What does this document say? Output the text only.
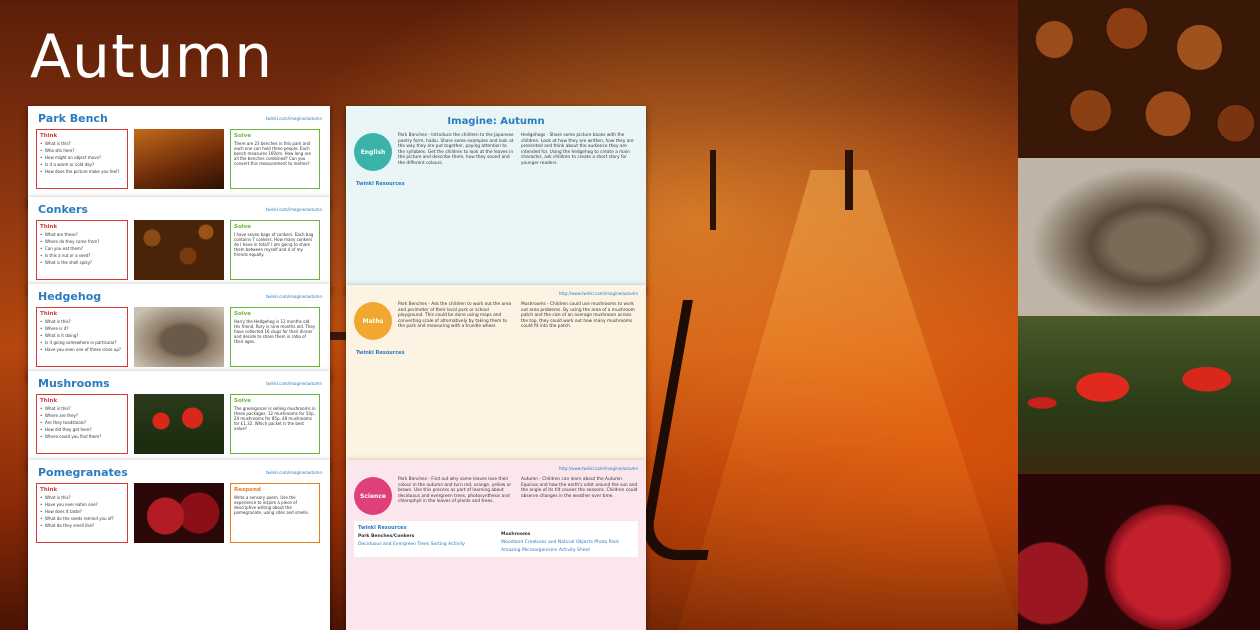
Autumn
Park Bench	twinkl.com/imagine/autumn
Think
• What is this?
• Who sits here?
• How might an object move?
• Is it a warm or cold day?
• How does the picture make you feel?
Solve

There are 23 benches in this park and each one can hold three people. Each bench measures 160cm. How long are all the benches combined? Can you convert this measurement to metres?

Conkers	twinkl.com/imagine/autumn
Think
• What are these?
• Where do they come from?
• Can you eat them?
• Is this a nut or a seed?
• What is the shell spiky?
Solve

I have seven bags of conkers. Each bag contains 7 conkers. How many conkers do I have in total? I am going to share them between myself and 4 of my friends equally.

Hedgehog	twinkl.com/imagine/autumn
Think
• What is this?
• Where is it?
• What is it doing?
• Is it going somewhere in particular?
• Have you seen one of these close up?
Solve

Harry the Hedgehog is 12 months old. His friend, Rory is nine months old. They have collected 16 slugs for their dinner and decide to share them in ratio of their ages.

Mushrooms	twinkl.com/imagine/autumn
Think
• What is this?
• Where are they?
• Are they toadstools?
• How did they get here?
• Where could you find them?
Solve

The greengrocer is selling mushrooms in these packages: 12 mushrooms for 54p, 24 mushrooms for 85p, 48 mushrooms for £1.32. Which packet is the best value?

Pomegranates	twinkl.com/imagine/autumn
Think
• What is this?
• Have you ever eaten one?
• How does it taste?
• What do the seeds remind you of?
• What do they smell like?
Respond

Write a sensory poem. Use the experience to inspire a piece of descriptive writing about the pomegranate, using sites and smells.

Imagine: Autumn
English
Park Benches - Introduce the children to the Japanese poetry form, haiku. Share some examples and look at the way they are put together, paying attention to the syllables. Get the children to look at the leaves in the picture and describe them, how they sound and the different colours.
Hedgehogs - Share some picture books with the children. Look at how they are written, how they are presented and think about the audience they are intended for. Using the hedgehog to create a main character, ask children to create a short story for younger readers.
Twinkl Resources
http://www.twinkl.com/imagine/autumn
Maths
Park Benches - Ask the children to work out the area and perimeter of their local park or school playground. This could be done using maps and converting scale of alternatively by taking them to the park and measuring with a trundle wheel.
Mushrooms - Children could use mushrooms to work out area problems. By using the area of a mushroom patch and the size of an average mushroom across the top, they could work out how many mushrooms could fit into the patch.
Twinkl Resources
http://www.twinkl.com/imagine/autumn
Science
Park Benches - Find out why some leaves lose their colour in the autumn and turn red, orange, yellow or brown. Use this process as part of learning about deciduous and evergreen trees, photosynthesis and chlorophyll in the leaves of plants and trees.
Autumn - Children can learn about the Autumn Equinox and how the earth's orbit around the sun and the angle of its tilt causes the seasons. Children could observe changes in the weather over time.
Twinkl Resources
Park Benches/Conkers
Deciduous and Evergreen Trees Sorting Activity
Mushrooms
Woodland Creatures and Natural Objects Photo Pack
Amazing Microorganisms Activity Sheet
